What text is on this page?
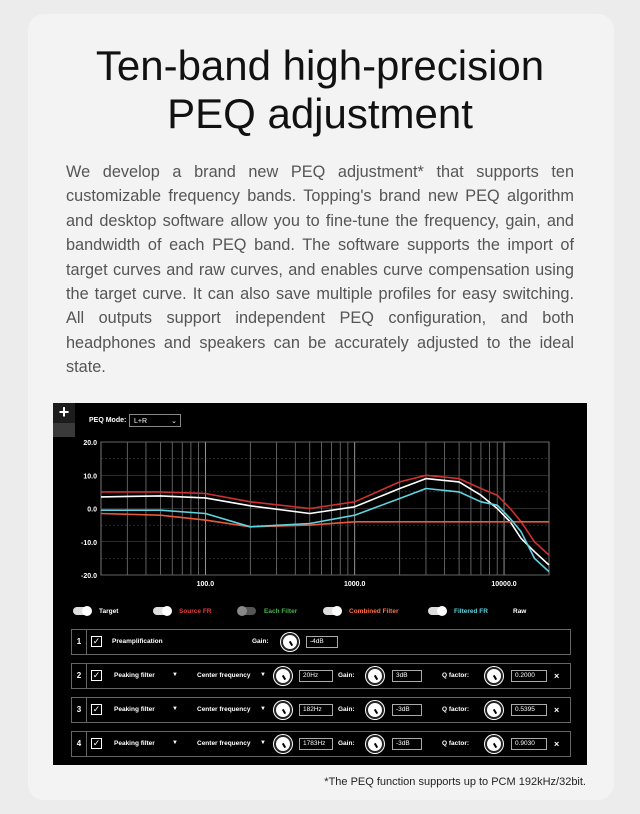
Ten-band high-precision
PEQ adjustment
We develop a brand new PEQ adjustment* that supports ten customizable frequency bands. Topping's brand new PEQ algorithm and desktop software allow you to fine-tune the frequency, gain, and bandwidth of each PEQ band. The software supports the import of target curves and raw curves, and enables curve compensation using the target curve. It can also save multiple profiles for easy switching. All outputs support independent PEQ configuration, and both headphones and speakers can be accurately adjusted to the ideal state.
+	PEQ Mode:	L+R	⌄
Target	Source FR	Each Filter	Combined Filter	Filtered FR	Raw
1	✓ Preamplification	Gain:	-4dB
2	✓ Peaking filter	▼	Center frequency ▼	20Hz	Gain:	3dB	Q factor:	0.2000	×
3	✓ Peaking filter	▼	Center frequency ▼	182Hz	Gain:	-3dB	Q factor:	0.5395	×
4	✓ Peaking filter	▼	Center frequency ▼	1783Hz	Gain:	-3dB	Q factor:	0.9030	×
20.0
10.0
0.0
-10.0
-20.0
100.0	1000.0	10000.0
*The PEQ function supports up to PCM 192kHz/32bit.
